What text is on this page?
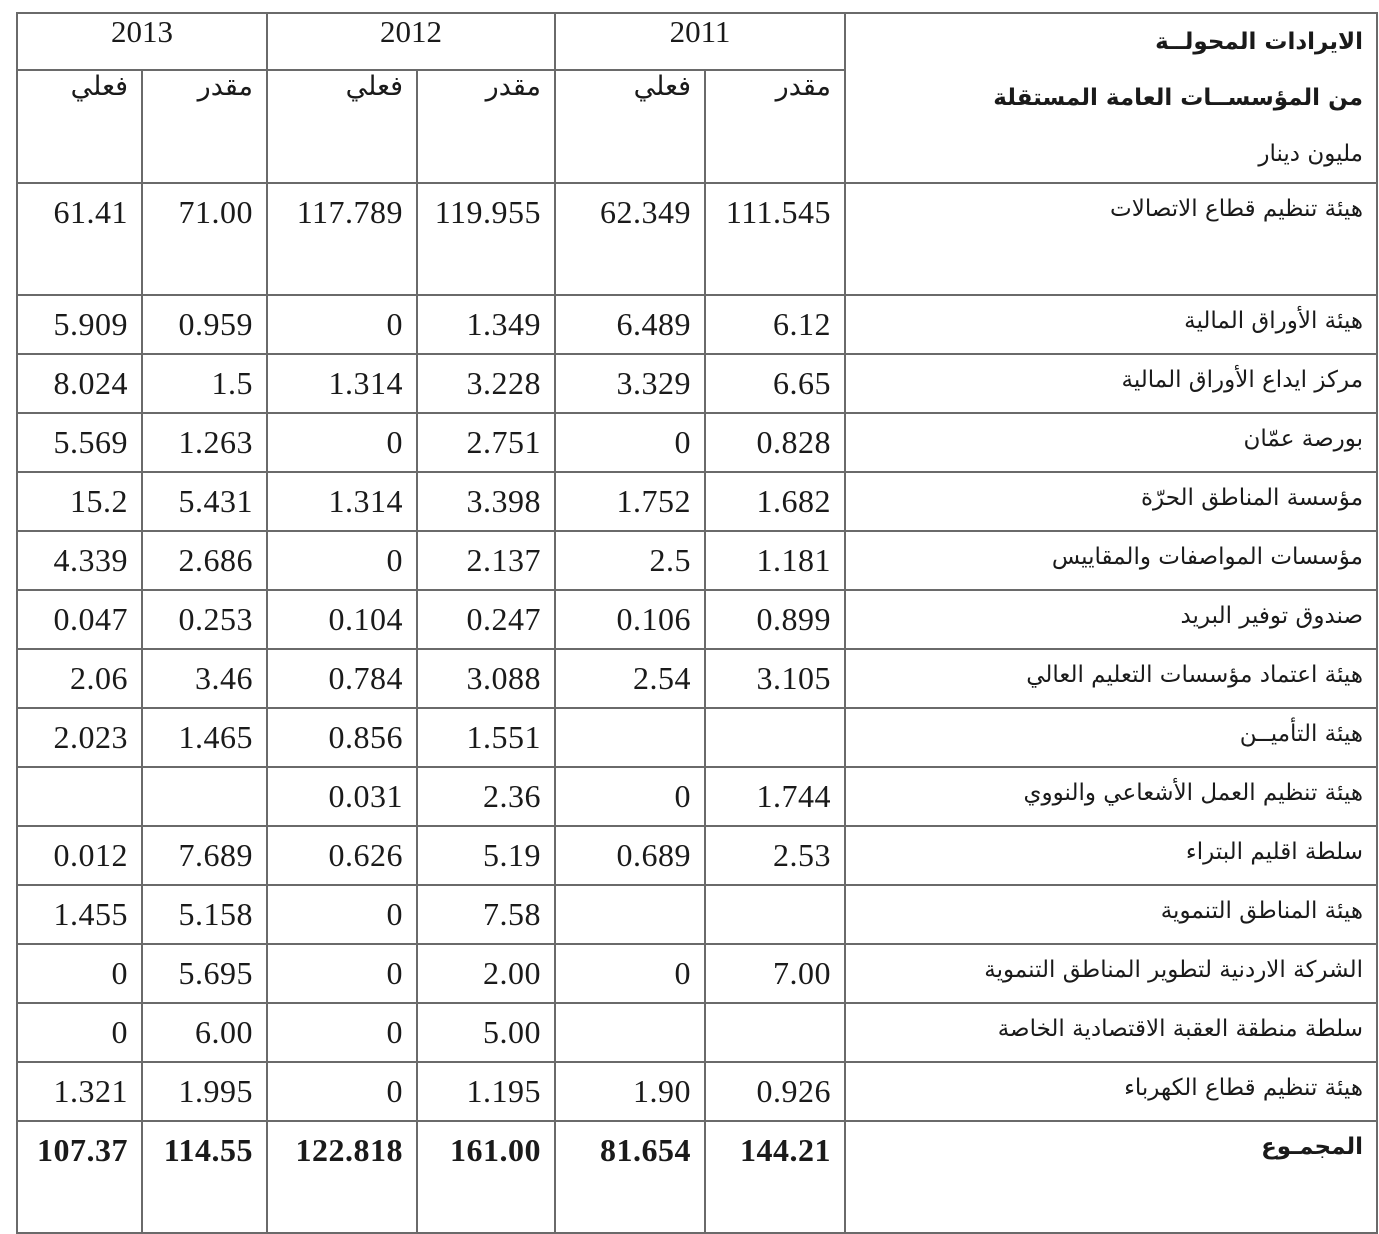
2013		2012		2011		الايرادات المحولــة
من المؤسســات العامة المستقلة
مليون دينار

فعلي	مقدر	فعلي	مقدر	فعلي	مقدر	
61.41	71.00	117.789	119.955	62.349	111.545	هيئة تنظيم قطاع الاتصالات
5.909	0.959	0	1.349	6.489	6.12	هيئة الأوراق المالية
8.024	1.5	1.314	3.228	3.329	6.65	مركز ايداع الأوراق المالية
5.569	1.263	0	2.751	0	0.828	بورصة عمّان
15.2	5.431	1.314	3.398	1.752	1.682	مؤسسة المناطق الحرّة
4.339	2.686	0	2.137	2.5	1.181	مؤسسات المواصفات والمقاييس
0.047	0.253	0.104	0.247	0.106	0.899	صندوق توفير البريد
2.06	3.46	0.784	3.088	2.54	3.105	هيئة اعتماد مؤسسات التعليم العالي
2.023	1.465	0.856	1.551			هيئة التأميــن
		0.031	2.36	0	1.744	هيئة تنظيم العمل الأشعاعي والنووي
0.012	7.689	0.626	5.19	0.689	2.53	سلطة اقليم البتراء
1.455	5.158	0	7.58			هيئة المناطق التنموية
0	5.695	0	2.00	0	7.00	الشركة الاردنية لتطوير المناطق التنموية
0	6.00	0	5.00			سلطة منطقة العقبة الاقتصادية الخاصة
1.321	1.995	0	1.195	1.90	0.926	هيئة تنظيم قطاع الكهرباء
107.37	114.55	122.818	161.00	81.654	144.21	المجمـوع
